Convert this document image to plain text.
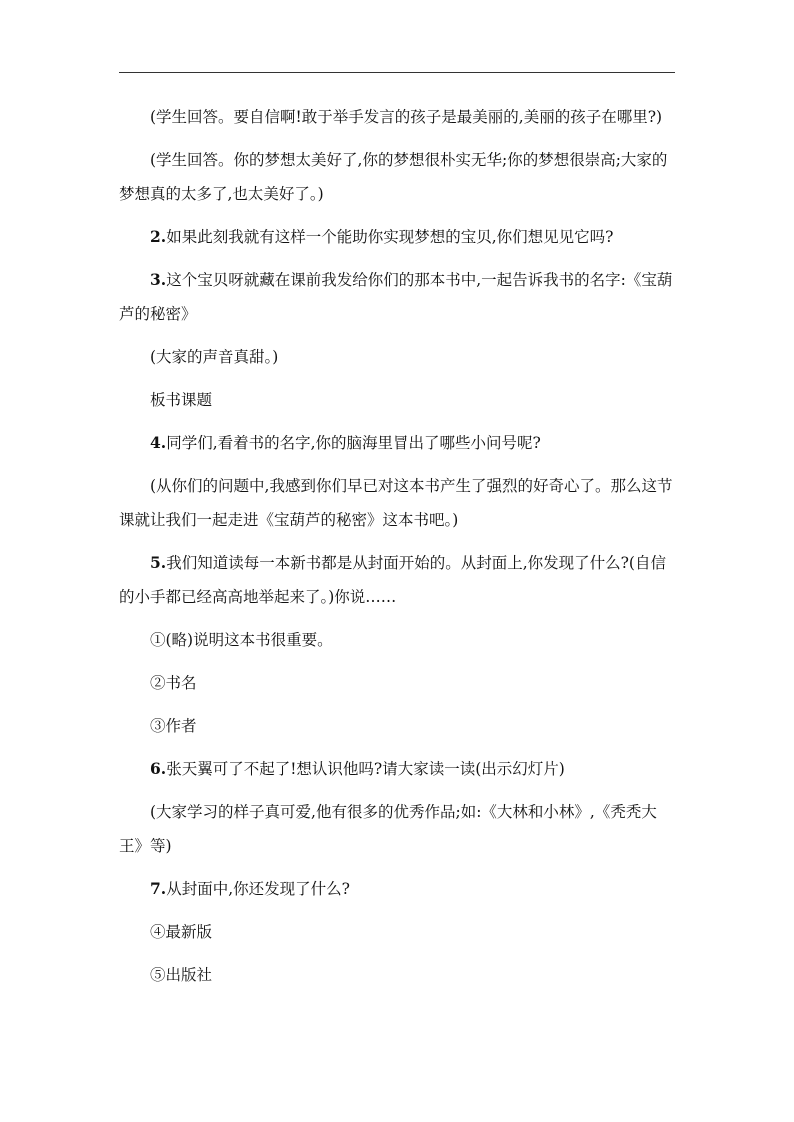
(学生回答。要自信啊!敢于举手发言的孩子是最美丽的,美丽的孩子在哪里?)

(学生回答。你的梦想太美好了,你的梦想很朴实无华;你的梦想很崇高;大家的梦想真的太多了,也太美好了。)

2.如果此刻我就有这样一个能助你实现梦想的宝贝,你们想见见它吗?

3.这个宝贝呀就藏在课前我发给你们的那本书中,一起告诉我书的名字:《宝葫芦的秘密》

(大家的声音真甜。)

板书课题

4.同学们,看着书的名字,你的脑海里冒出了哪些小问号呢?

(从你们的问题中,我感到你们早已对这本书产生了强烈的好奇心了。那么这节课就让我们一起走进《宝葫芦的秘密》这本书吧。)

5.我们知道读每一本新书都是从封面开始的。从封面上,你发现了什么?(自信的小手都已经高高地举起来了。)你说……

①(略)说明这本书很重要。

②书名

③作者

6.张天翼可了不起了!想认识他吗?请大家读一读(出示幻灯片)

(大家学习的样子真可爱,他有很多的优秀作品;如:《大林和小林》,《秃秃大王》等)

7.从封面中,你还发现了什么?

④最新版

⑤出版社
